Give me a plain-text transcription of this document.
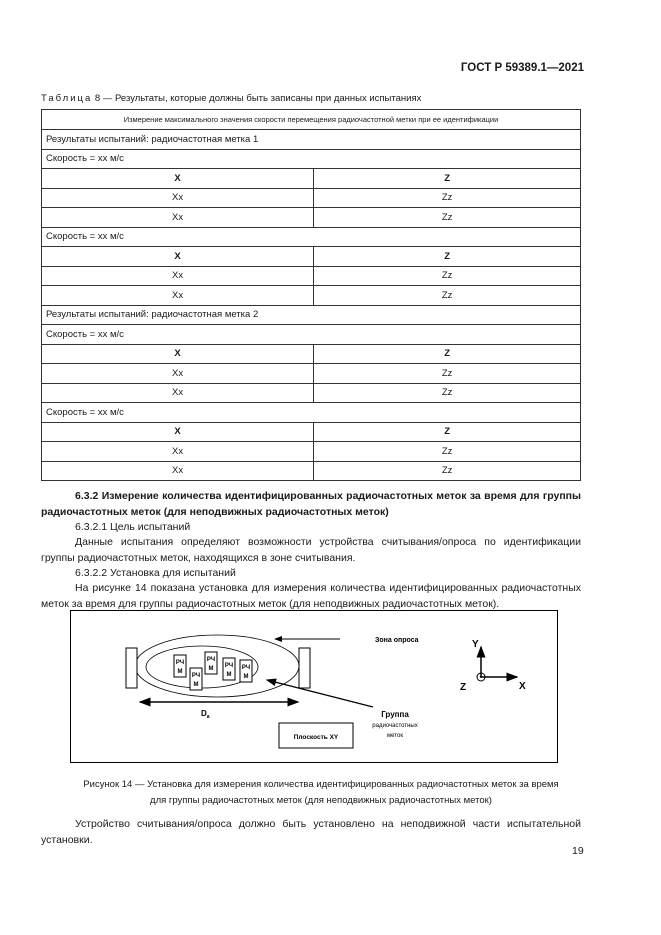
ГОСТ Р 59389.1—2021
Таблица 8 — Результаты, которые должны быть записаны при данных испытаниях
Измерение максимального значения скорости перемещения радиочастотной метки при ее идентификации	
Результаты испытаний: радиочастотная метка 1	
Скорость = хх м/с	
X	Z
Xx	Zz
Xx	Zz
Скорость = хх м/с	
X	Z
Xx	Zz
Xx	Zz
Результаты испытаний: радиочастотная метка 2	
Скорость = хх м/с	
X	Z
Xx	Zz
Xx	Zz
Скорость = хх м/с	
X	Z
Xx	Zz
Xx	Zz
6.3.2 Измерение количества идентифицированных радиочастотных меток за время для группы радиочастотных меток (для неподвижных радиочастотных меток)
6.3.2.1 Цель испытаний
Данные испытания определяют возможности устройства считывания/опроса по идентификации группы радиочастотных меток, находящихся в зоне считывания.
6.3.2.2 Установка для испытаний
На рисунке 14 показана установка для измерения количества идентифицированных радиочастотных меток за время для группы радиочастотных меток (для неподвижных радиочастотных меток).
РЧ
М
РЧ
М
РЧ
М РЧ
М
РЧ
М
Зона опроса
Группа
радиочастотных
меток
$D_a$
Плоскость XY
Y
X
Z
Рисунок 14 — Установка для измерения количества идентифицированных радиочастотных меток за время
для группы радиочастотных меток (для неподвижных радиочастотных меток)
Устройство считывания/опроса должно быть установлено на неподвижной части испытательной установки.
19
